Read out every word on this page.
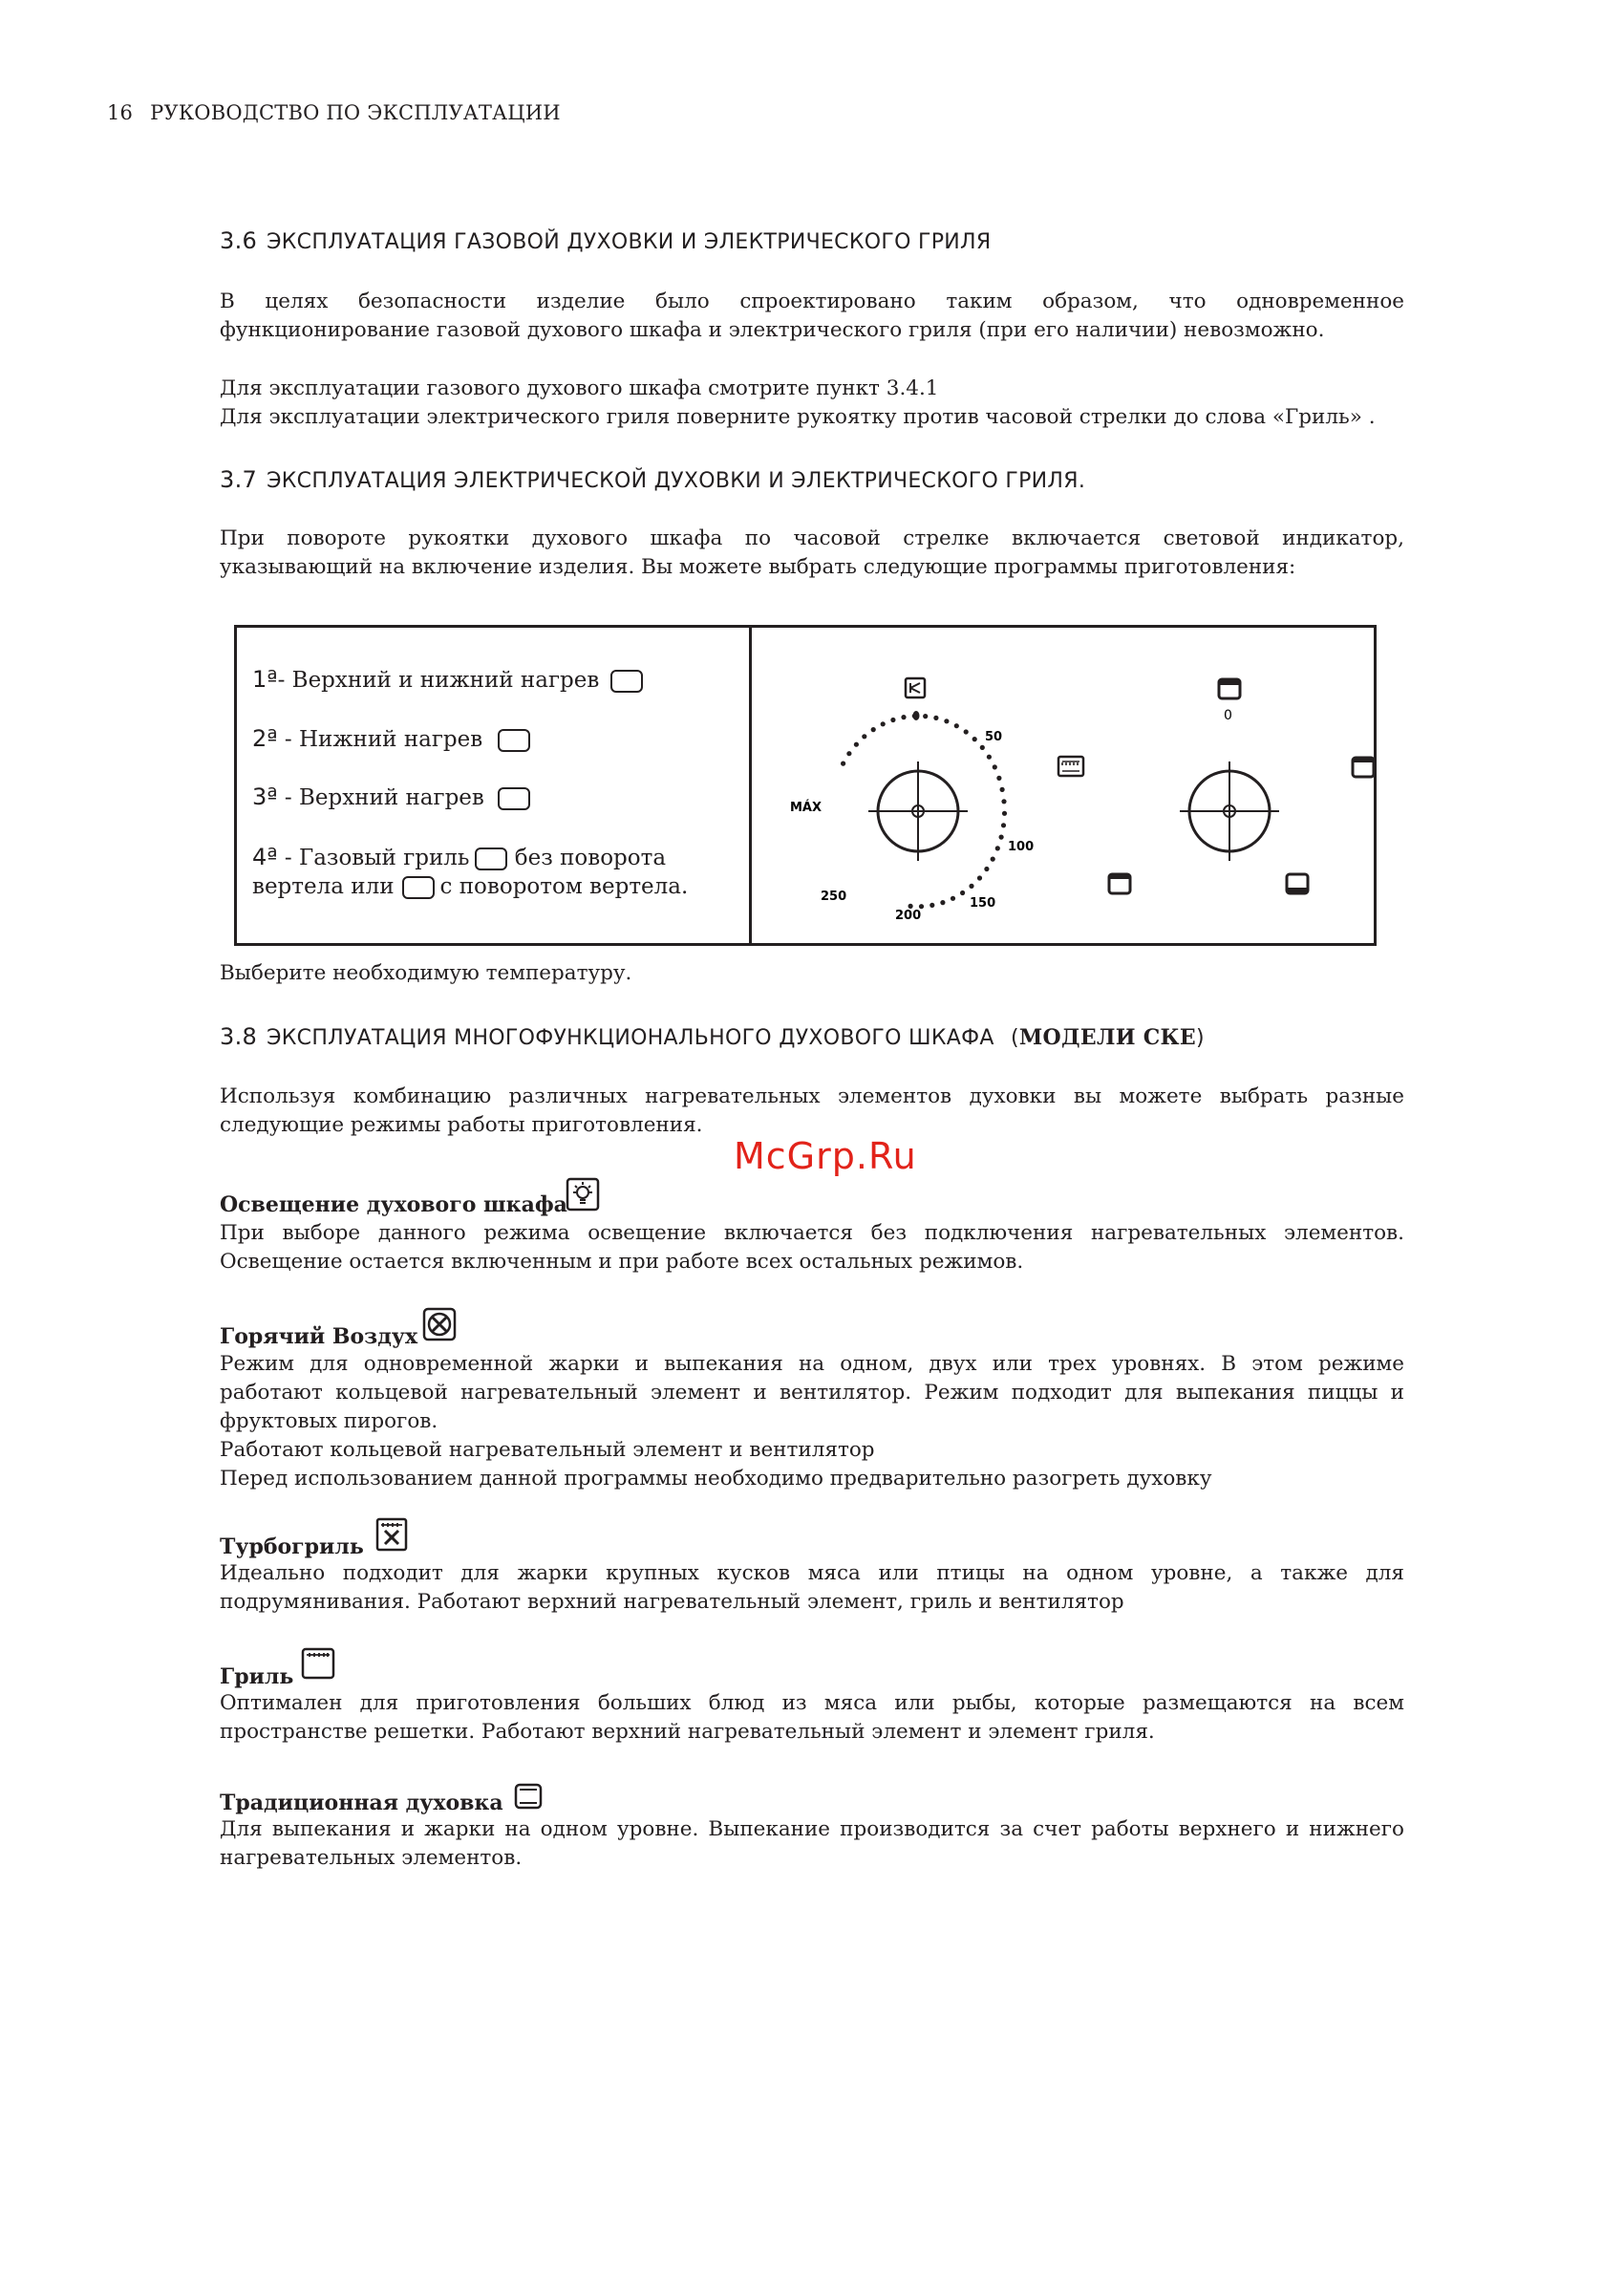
16 РУКОВОДСТВО ПО ЭКСПЛУАТАЦИИ
3.6 ЭКСПЛУАТАЦИЯ ГАЗОВОЙ ДУХОВКИ И ЭЛЕКТРИЧЕСКОГО ГРИЛЯ
В целях безопасности изделие было спроектировано таким образом, что одновременное
функционирование газовой духового шкафа и электрического гриля (при его наличии) невозможно.
Для эксплуатации газового духового шкафа смотрите пункт 3.4.1
Для эксплуатации электрического гриля поверните рукоятку против часовой стрелки до слова «Гриль» .
3.7 ЭКСПЛУАТАЦИЯ ЭЛЕКТРИЧЕСКОЙ ДУХОВКИ И ЭЛЕКТРИЧЕСКОГО ГРИЛЯ.
При повороте рукоятки духового шкафа по часовой стрелке включается световой индикатор,
указывающий на включение изделия. Вы можете выбрать следующие программы приготовления:
1ª- Верхний и нижний нагрев
2ª - Нижний нагрев
3ª - Верхний нагрев
4ª - Газовый гриль без поворота
вертела или с поворотом вертела.
MÁX
50
100
150
200
250
0
Выберите необходимую температуру.
3.8 ЭКСПЛУАТАЦИЯ МНОГОФУНКЦИОНАЛЬНОГО ДУХОВОГО ШКАФА (МОДЕЛИ СКЕ)
Используя комбинацию различных нагревательных элементов духовки вы можете выбрать разные
следующие режимы работы приготовления.
Освещение духового шкафа
При выборе данного режима освещение включается без подключения нагревательных элементов.
Освещение остается включенным и при работе всех остальных режимов.
Горячий Воздух
Режим для одновременной жарки и выпекания на одном, двух или трех уровнях. В этом режиме
работают кольцевой нагревательный элемент и вентилятор. Режим подходит для выпекания пиццы и
фруктовых пирогов.
Работают кольцевой нагревательный элемент и вентилятор
Перед использованием данной программы необходимо предварительно разогреть духовку
Турбогриль
Идеально подходит для жарки крупных кусков мяса или птицы на одном уровне, а также для
подрумянивания. Работают верхний нагревательный элемент, гриль и вентилятор
Гриль
Оптимален для приготовления больших блюд из мяса или рыбы, которые размещаются на всем
пространстве решетки. Работают верхний нагревательный элемент и элемент гриля.
Традиционная духовка
Для выпекания и жарки на одном уровне. Выпекание производится за счет работы верхнего и нижнего
нагревательных элементов.
McGrp.Ru
